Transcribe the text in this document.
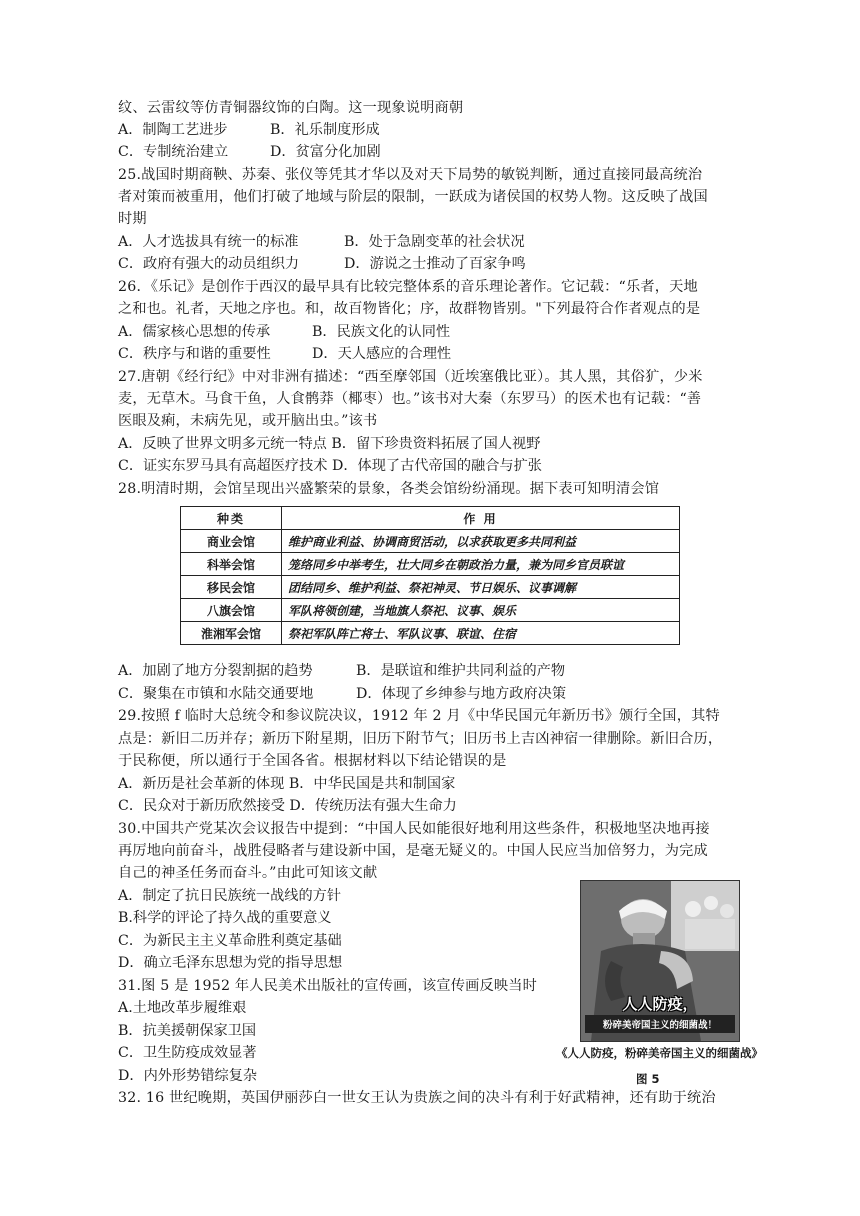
纹、云雷纹等仿青铜器纹饰的白陶。这一现象说明商朝
A．制陶工艺进步	B．礼乐制度形成
C．专制统治建立	D．贫富分化加剧
25.战国时期商鞅、苏秦、张仪等凭其才华以及对天下局势的敏锐判断，通过直接同最高统治
者对策而被重用，他们打破了地域与阶层的限制，一跃成为诸侯国的权势人物。这反映了战国
时期
A．人才选拔具有统一的标准	B．处于急剧变革的社会状况
C．政府有强大的动员组织力	D．游说之士推动了百家争鸣
26．《乐记》是创作于西汉的最早具有比较完整体系的音乐理论著作。它记载：“乐者，天地
之和也。礼者，天地之序也。和，故百物皆化；序，故群物皆别。"下列最符合作者观点的是
A．儒家核心思想的传承	B．民族文化的认同性
C．秩序与和谐的重要性	D．天人感应的合理性
27.唐朝《经行纪》中对非洲有描述：“西至摩邻国（近埃塞俄比亚）。其人黑，其俗犷，少米
麦，无草木。马食干鱼，人食鹘莽（椰枣）也。”该书对大秦（东罗马）的医术也有记载：“善
医眼及痢，未病先见，或开脑出虫。”该书
A．反映了世界文明多元统一特点 B．留下珍贵资料拓展了国人视野
C．证实东罗马具有高超医疗技术 D．体现了古代帝国的融合与扩张
28.明清时期，会馆呈现出兴盛繁荣的景象，各类会馆纷纷涌现。据下表可知明清会馆
种类	作 用
商业会馆	维护商业利益、协调商贸活动，以求获取更多共同利益
科举会馆	笼络同乡中举考生，壮大同乡在朝政治力量，兼为同乡官员联谊
移民会馆	团结同乡、维护利益、祭祀神灵、节日娱乐、议事调解
八旗会馆	军队将领创建，当地旗人祭祀、议事、娱乐
淮湘军会馆	祭祀军队阵亡将士、军队议事、联谊、住宿
A．加剧了地方分裂割据的趋势	B．是联谊和维护共同利益的产物
C．聚集在市镇和水陆交通要地	D．体现了乡绅参与地方政府决策
29.按照 f 临时大总统令和参议院决议，1912 年 2 月《中华民国元年新历书》颁行全国，其特
点是：新旧二历并存；新历下附星期，旧历下附节气；旧历书上吉凶神宿一律删除。新旧合历，
于民称便，所以通行于全国各省。根据材料以下结论错误的是
A．新历是社会革新的体现 B．中华民国是共和制国家
C．民众对于新历欣然接受 D．传统历法有强大生命力
30.中国共产党某次会议报告中提到：“中国人民如能很好地利用这些条件，积极地坚决地再接
再厉地向前奋斗，战胜侵略者与建设新中国，是毫无疑义的。中国人民应当加倍努力，为完成
自己的神圣任务而奋斗。”由此可知该文献
A．制定了抗日民族统一战线的方针
B.科学的评论了持久战的重要意义
C．为新民主主义革命胜利奠定基础
D．确立毛泽东思想为党的指导思想
31.图 5 是 1952 年人民美术出版社的宣传画，该宣传画反映当时
A.土地改革步履维艰
B．抗美援朝保家卫国
C．卫生防疫成效显著
D．内外形势错综复杂
人人防疫，
粉碎美帝国主义的细菌战！
《人人防疫，粉碎美帝国主义的细菌战》
图 5
32. 16 世纪晚期，英国伊丽莎白一世女王认为贵族之间的决斗有利于好武精神，还有助于统治
